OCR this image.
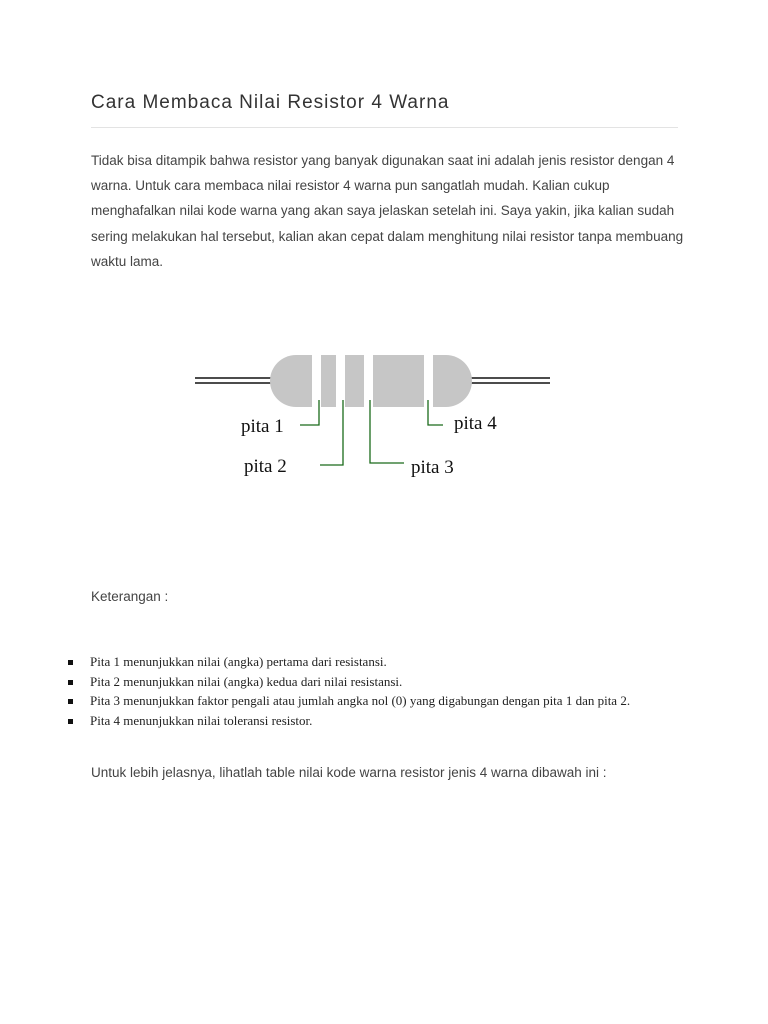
Cara Membaca Nilai Resistor 4 Warna

Tidak bisa ditampik bahwa resistor yang banyak digunakan saat ini adalah jenis resistor dengan 4 warna. Untuk cara membaca nilai resistor 4 warna pun sangatlah mudah. Kalian cukup menghafalkan nilai kode warna yang akan saya jelaskan setelah ini. Saya yakin, jika kalian sudah sering melakukan hal tersebut, kalian akan cepat dalam menghitung nilai resistor tanpa membuang waktu lama.

pita 1
pita 2	pita 3
pita 4

Keterangan :

Pita 1 menunjukkan nilai (angka) pertama dari resistansi.
Pita 2 menunjukkan nilai (angka) kedua dari nilai resistansi.
Pita 3 menunjukkan faktor pengali atau jumlah angka nol (0) yang digabungan dengan pita 1 dan pita 2.
Pita 4 menunjukkan nilai toleransi resistor.

Untuk lebih jelasnya, lihatlah table nilai kode warna resistor jenis 4 warna dibawah ini :
